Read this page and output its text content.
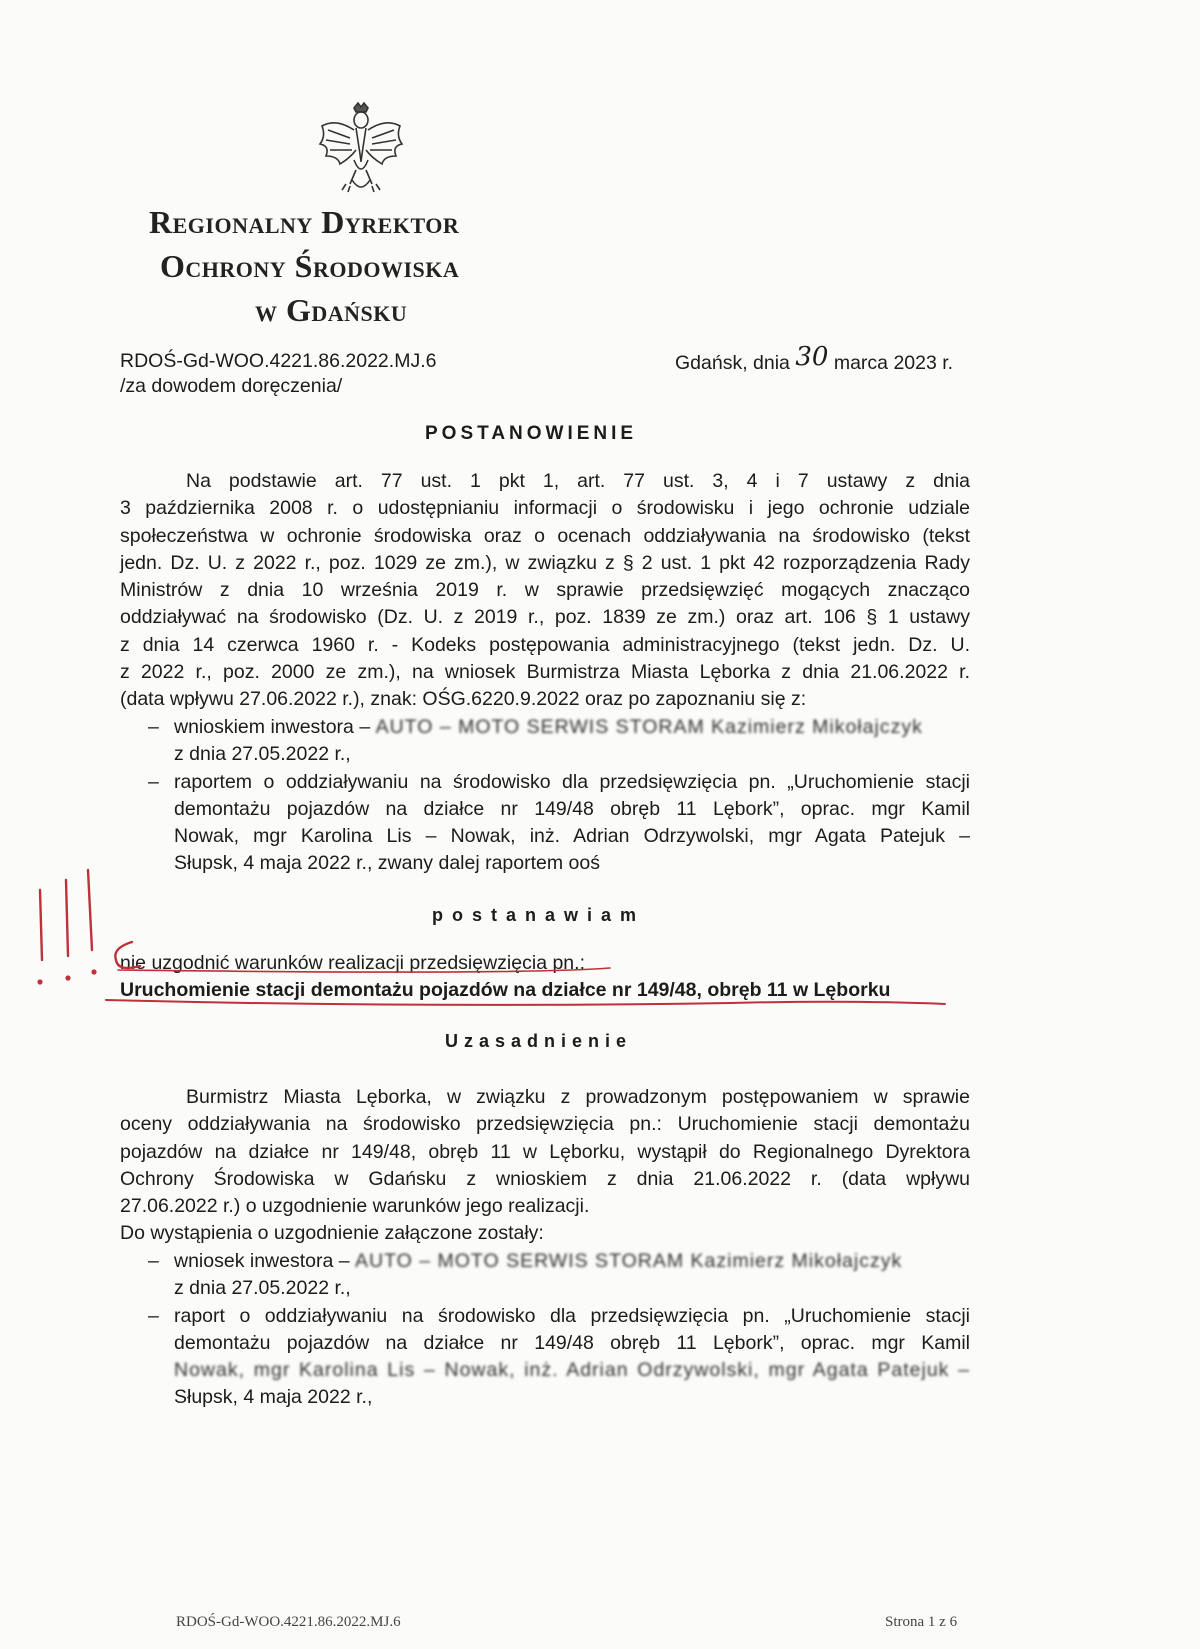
Regionalny Dyrektor
Ochrony Środowiska
w Gdańsku
RDOŚ-Gd-WOO.4221.86.2022.MJ.6
/za dowodem doręczenia/
Gdańsk, dnia 30 marca 2023 r.
POSTANOWIENIE
Na podstawie art. 77 ust. 1 pkt 1, art. 77 ust. 3, 4 i 7 ustawy z dnia
3 października 2008 r. o udostępnianiu informacji o środowisku i jego ochronie udziale
społeczeństwa w ochronie środowiska oraz o ocenach oddziaływania na środowisko (tekst
jedn. Dz. U. z 2022 r., poz. 1029 ze zm.), w związku z § 2 ust. 1 pkt 42 rozporządzenia Rady
Ministrów z dnia 10 września 2019 r. w sprawie przedsięwzięć mogących znacząco
oddziaływać na środowisko (Dz. U. z 2019 r., poz. 1839 ze zm.) oraz art. 106 § 1 ustawy
z dnia 14 czerwca 1960 r. - Kodeks postępowania administracyjnego (tekst jedn. Dz. U.
z 2022 r., poz. 2000 ze zm.), na wniosek Burmistrza Miasta Lęborka z dnia 21.06.2022 r.
(data wpływu 27.06.2022 r.), znak: OŚG.6220.9.2022 oraz po zapoznaniu się z:
– wnioskiem inwestora – AUTO – MOTO SERWIS STORAM Kazimierz Mikołajczyk
z dnia 27.05.2022 r.,
– raportem o oddziaływaniu na środowisko dla przedsięwzięcia pn. „Uruchomienie stacji
demontażu pojazdów na działce nr 149/48 obręb 11 Lębork”, oprac. mgr Kamil
Nowak, mgr Karolina Lis – Nowak, inż. Adrian Odrzywolski, mgr Agata Patejuk –
Słupsk, 4 maja 2022 r., zwany dalej raportem ooś
postanawiam
nie uzgodnić warunków realizacji przedsięwzięcia pn.:
Uruchomienie stacji demontażu pojazdów na działce nr 149/48, obręb 11 w Lęborku
Uzasadnienie
Burmistrz Miasta Lęborka, w związku z prowadzonym postępowaniem w sprawie
oceny oddziaływania na środowisko przedsięwzięcia pn.: Uruchomienie stacji demontażu
pojazdów na działce nr 149/48, obręb 11 w Lęborku, wystąpił do Regionalnego Dyrektora
Ochrony Środowiska w Gdańsku z wnioskiem z dnia 21.06.2022 r. (data wpływu
27.06.2022 r.) o uzgodnienie warunków jego realizacji.
Do wystąpienia o uzgodnienie załączone zostały:
– wniosek inwestora – AUTO – MOTO SERWIS STORAM Kazimierz Mikołajczyk
z dnia 27.05.2022 r.,
– raport o oddziaływaniu na środowisko dla przedsięwzięcia pn. „Uruchomienie stacji
demontażu pojazdów na działce nr 149/48 obręb 11 Lębork”, oprac. mgr Kamil
Nowak, mgr Karolina Lis – Nowak, inż. Adrian Odrzywolski, mgr Agata Patejuk –
Słupsk, 4 maja 2022 r.,
RDOŚ-Gd-WOO.4221.86.2022.MJ.6	Strona 1 z 6
